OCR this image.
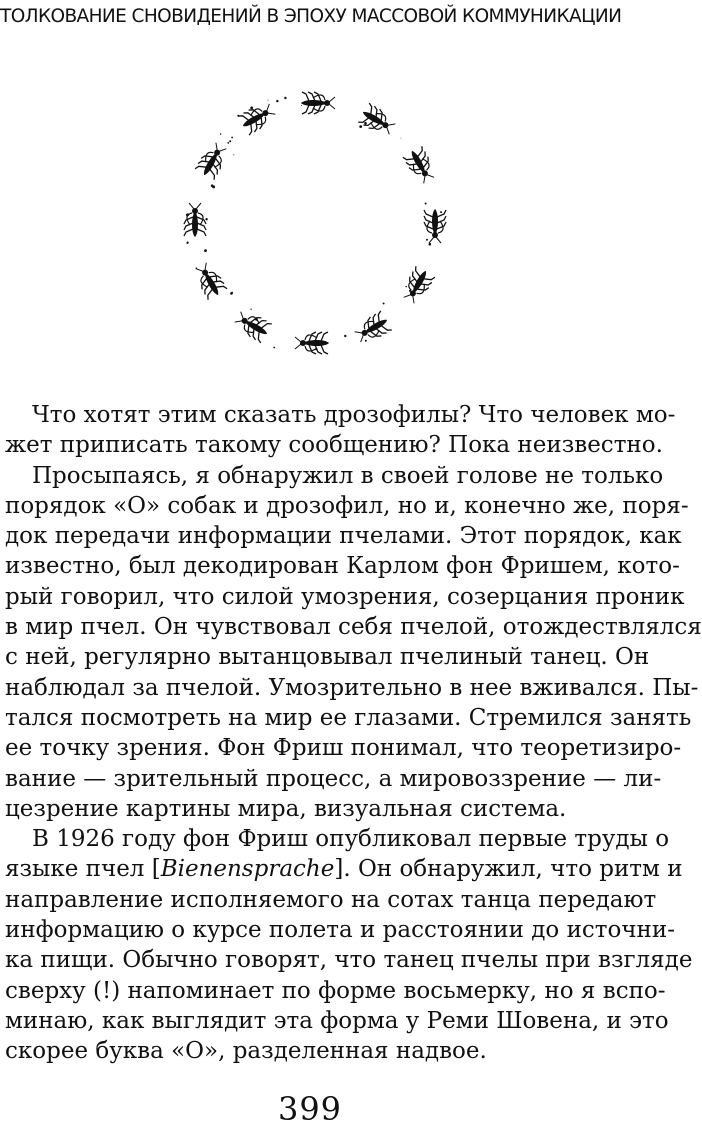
ТОЛКОВАНИЕ СНОВИДЕНИЙ В ЭПОХУ МАССОВОЙ КОММУНИКАЦИИ
Что хотят этим сказать дрозофилы? Что человек мо-
жет приписать такому сообщению? Пока неизвестно.
Просыпаясь, я обнаружил в своей голове не только
порядок «О» собак и дрозофил, но и, конечно же, поря-
док передачи информации пчелами. Этот порядок, как
известно, был декодирован Карлом фон Фришем, кото-
рый говорил, что силой умозрения, созерцания проник
в мир пчел. Он чувствовал себя пчелой, отождествлялся
с ней, регулярно вытанцовывал пчелиный танец. Он
наблюдал за пчелой. Умозрительно в нее вживался. Пы-
тался посмотреть на мир ее глазами. Стремился занять
ее точку зрения. Фон Фриш понимал, что теоретизиро-
вание — зрительный процесс, а мировоззрение — ли-
цезрение картины мира, визуальная система.
В 1926 году фон Фриш опубликовал первые труды о
языке пчел [Bienensprache]. Он обнаружил, что ритм и
направление исполняемого на сотах танца передают
информацию о курсе полета и расстоянии до источни-
ка пищи. Обычно говорят, что танец пчелы при взгляде
сверху (!) напоминает по форме восьмерку, но я вспо-
минаю, как выглядит эта форма у Реми Шовена, и это
скорее буква «О», разделенная надвое.
399
